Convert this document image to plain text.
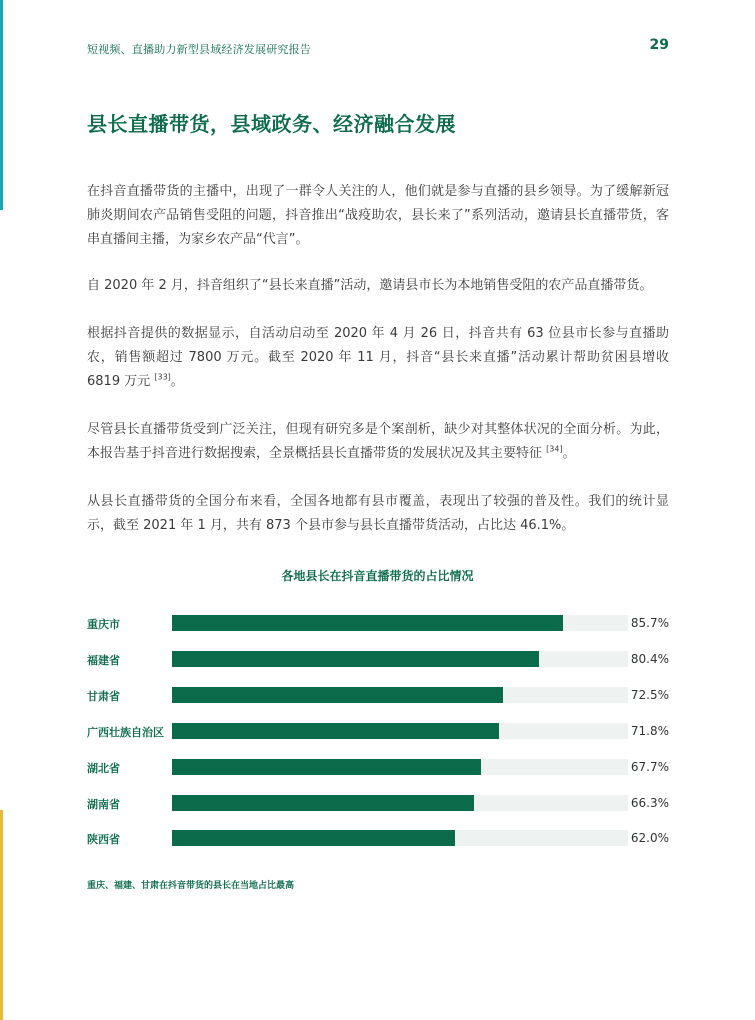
短视频、直播助力新型县域经济发展研究报告	29
县长直播带货，县域政务、经济融合发展

在抖音直播带货的主播中，出现了一群令人关注的人，他们就是参与直播的县乡领导。为了缓解新冠肺炎期间农产品销售受阻的问题，抖音推出“战疫助农，县长来了”系列活动，邀请县长直播带货，客串直播间主播，为家乡农产品“代言”。

自 2020 年 2 月，抖音组织了“县长来直播”活动，邀请县市长为本地销售受阻的农产品直播带货。

根据抖音提供的数据显示，自活动启动至 2020 年 4 月 26 日，抖音共有 63 位县市长参与直播助农，销售额超过 7800 万元。截至 2020 年 11 月，抖音“县长来直播”活动累计帮助贫困县增收 6819 万元 [33]。

尽管县长直播带货受到广泛关注，但现有研究多是个案剖析，缺少对其整体状况的全面分析。为此，本报告基于抖音进行数据搜索，全景概括县长直播带货的发展状况及其主要特征 [34]。

从县长直播带货的全国分布来看，全国各地都有县市覆盖，表现出了较强的普及性。我们的统计显示，截至 2021 年 1 月，共有 873 个县市参与县长直播带货活动，占比达 46.1%。

各地县长在抖音直播带货的占比情况
重庆市	85.7%
福建省	80.4%
甘肃省	72.5%
广西壮族自治区	71.8%
湖北省	67.7%
湖南省	66.3%
陕西省	62.0%
重庆、福建、甘肃在抖音带货的县长在当地占比最高
